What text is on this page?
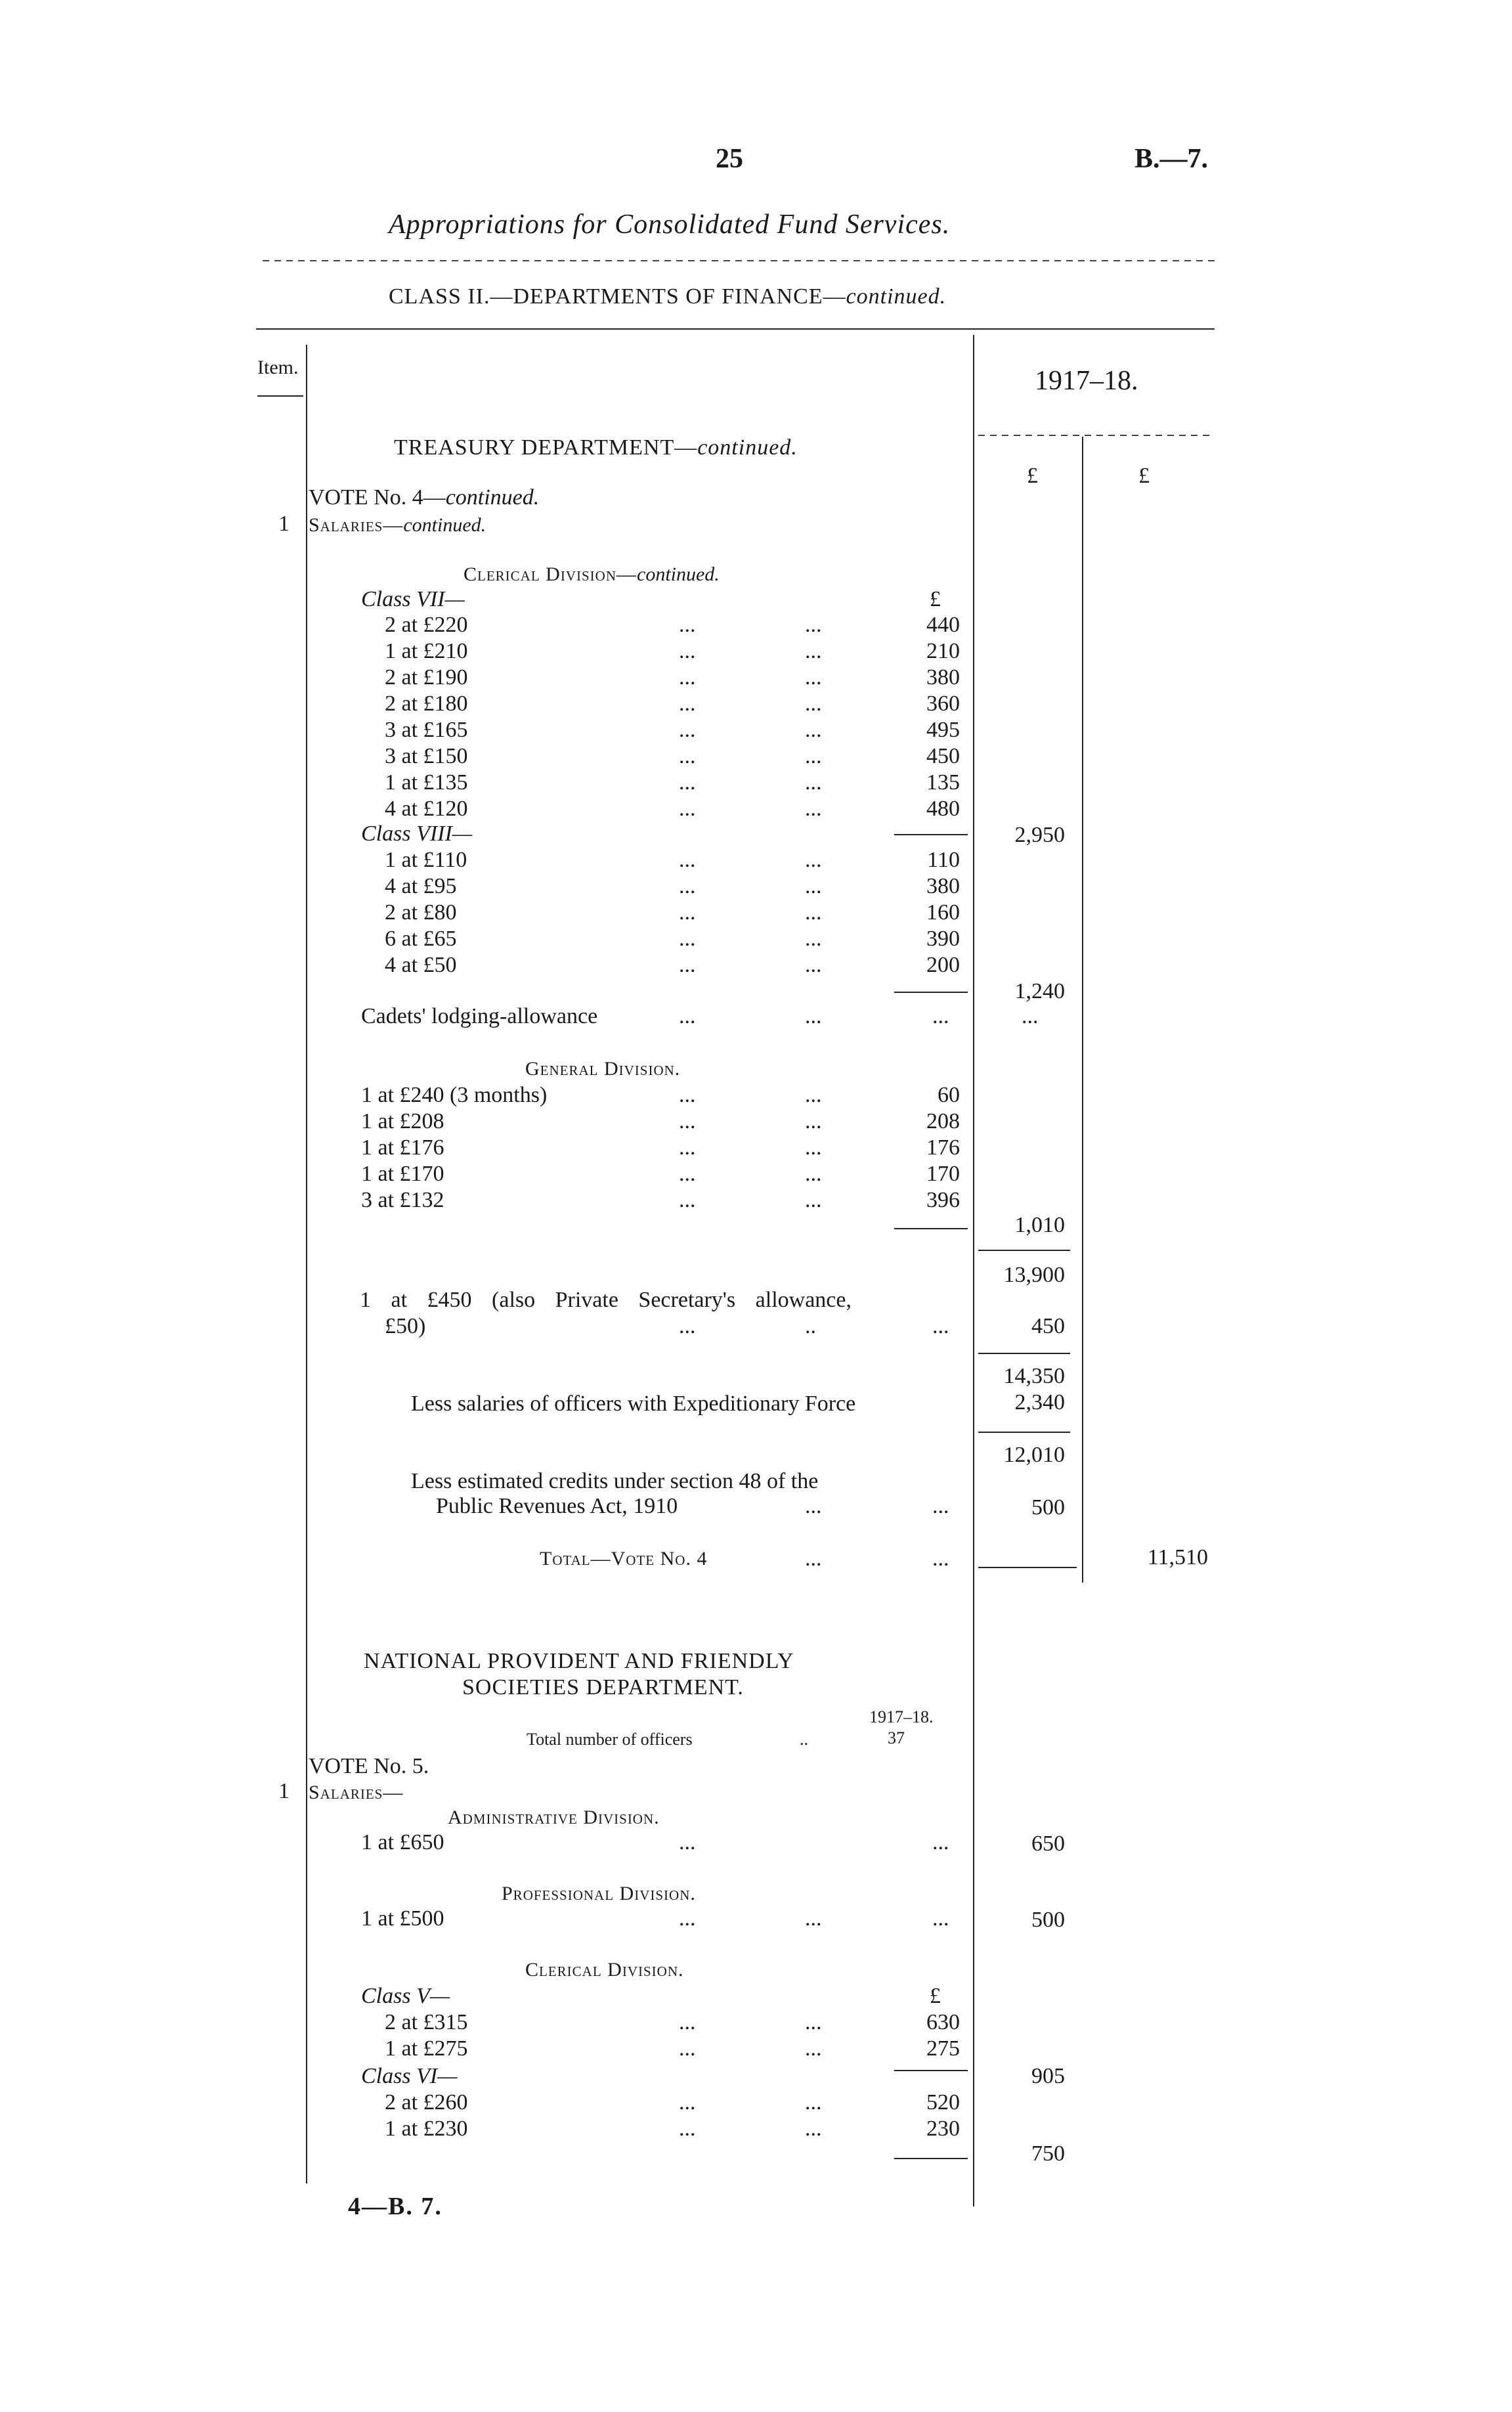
25	B.—7.
Appropriations for Consolidated Fund Services.
CLASS II.—DEPARTMENTS OF FINANCE—continued.
Item.	1917–18.
£	£
TREASURY DEPARTMENT—continued.
VOTE No. 4—continued.
1 Salaries—continued.
Clerical Division—continued.
Class VII—	£
2 at £220	...	...	440
1 at £210	...	...	210
2 at £190	...	...	380
2 at £180	...	...	360
3 at £165	...	...	495
3 at £150	...	...	450
1 at £135	...	...	135
4 at £120	...	...	480
2,950
Class VIII—
1 at £110	...	...	110
4 at £95	...	...	380
2 at £80	...	...	160
6 at £65	...	...	390
4 at £50	...	...	200
1,240
Cadets' lodging-allowance	...	...	...	...
General Division.
1 at £240 (3 months)	...	...	60
1 at £208	...	...	208
1 at £176	...	...	176
1 at £170	...	...	170
3 at £132	...	...	396
1,010
13,900
1 at £450 (also Private Secretary's allowance,
£50)	...	..	...	450
14,350
Less salaries of officers with Expeditionary Force	2,340
12,010
Less estimated credits under section 48 of the
Public Revenues Act, 1910	...	...	500
Total—Vote No. 4	...	...	11,510
NATIONAL PROVIDENT AND FRIENDLY
SOCIETIES DEPARTMENT.
1917–18.
Total number of officers	..	37
VOTE No. 5.
1 Salaries—
Administrative Division.
1 at £650	...	...	650
Professional Division.
1 at £500	...	...	...	500
Clerical Division.
Class V—	£
2 at £315	...	...	630
1 at £275	...	...	275
905
Class VI—
2 at £260	...	...	520
1 at £230	...	...	230
750
4—B. 7.
